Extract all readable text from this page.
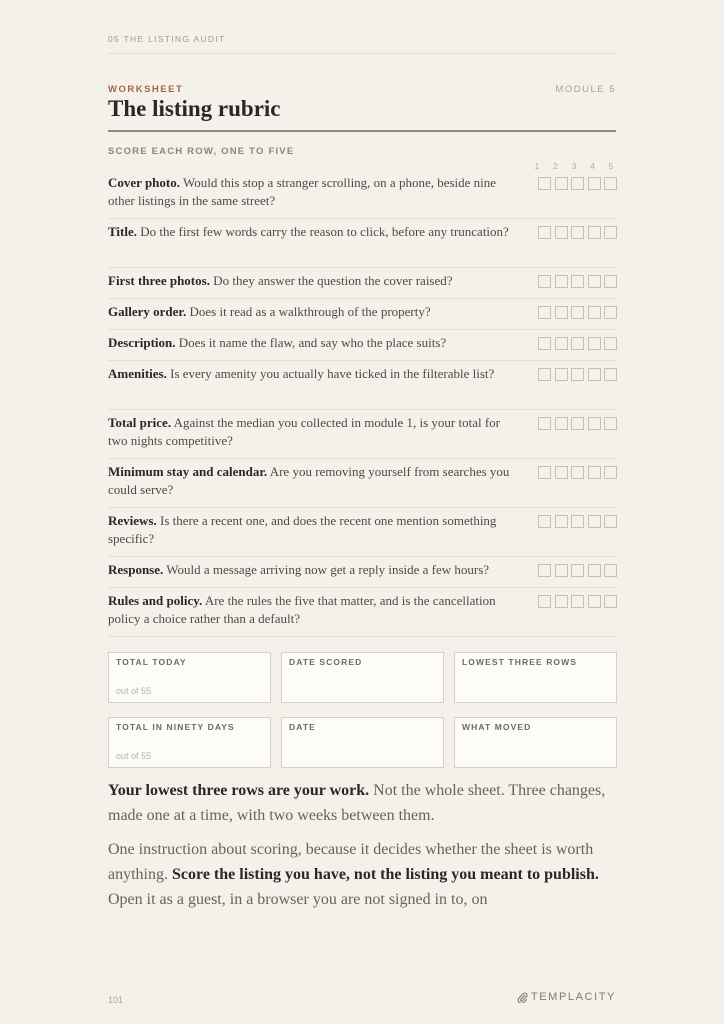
05 THE LISTING AUDIT
WORKSHEET	MODULE 5
The listing rubric
SCORE EACH ROW, ONE TO FIVE
1	2	3	4	5
Cover photo. Would this stop a stranger scrolling, on a phone, beside nine other listings in the same street?
Title. Do the first few words carry the reason to click, before any truncation?
First three photos. Do they answer the question the cover raised?
Gallery order. Does it read as a walkthrough of the property?
Description. Does it name the flaw, and say who the place suits?
Amenities. Is every amenity you actually have ticked in the filterable list?
Total price. Against the median you collected in module 1, is your total for two nights competitive?
Minimum stay and calendar. Are you removing yourself from searches you could serve?
Reviews. Is there a recent one, and does the recent one mention something specific?
Response. Would a message arriving now get a reply inside a few hours?
Rules and policy. Are the rules the five that matter, and is the cancellation policy a choice rather than a default?
TOTAL TODAY
out of 55
DATE SCORED	LOWEST THREE ROWS
TOTAL IN NINETY DAYS
out of 55
DATE	WHAT MOVED

Your lowest three rows are your work. Not the whole sheet. Three changes, made one at a time, with two weeks between them.

One instruction about scoring, because it decides whether the sheet is worth anything. Score the listing you have, not the listing you meant to publish. Open it as a guest, in a browser you are not signed in to, on

101	TEMPLACITY
